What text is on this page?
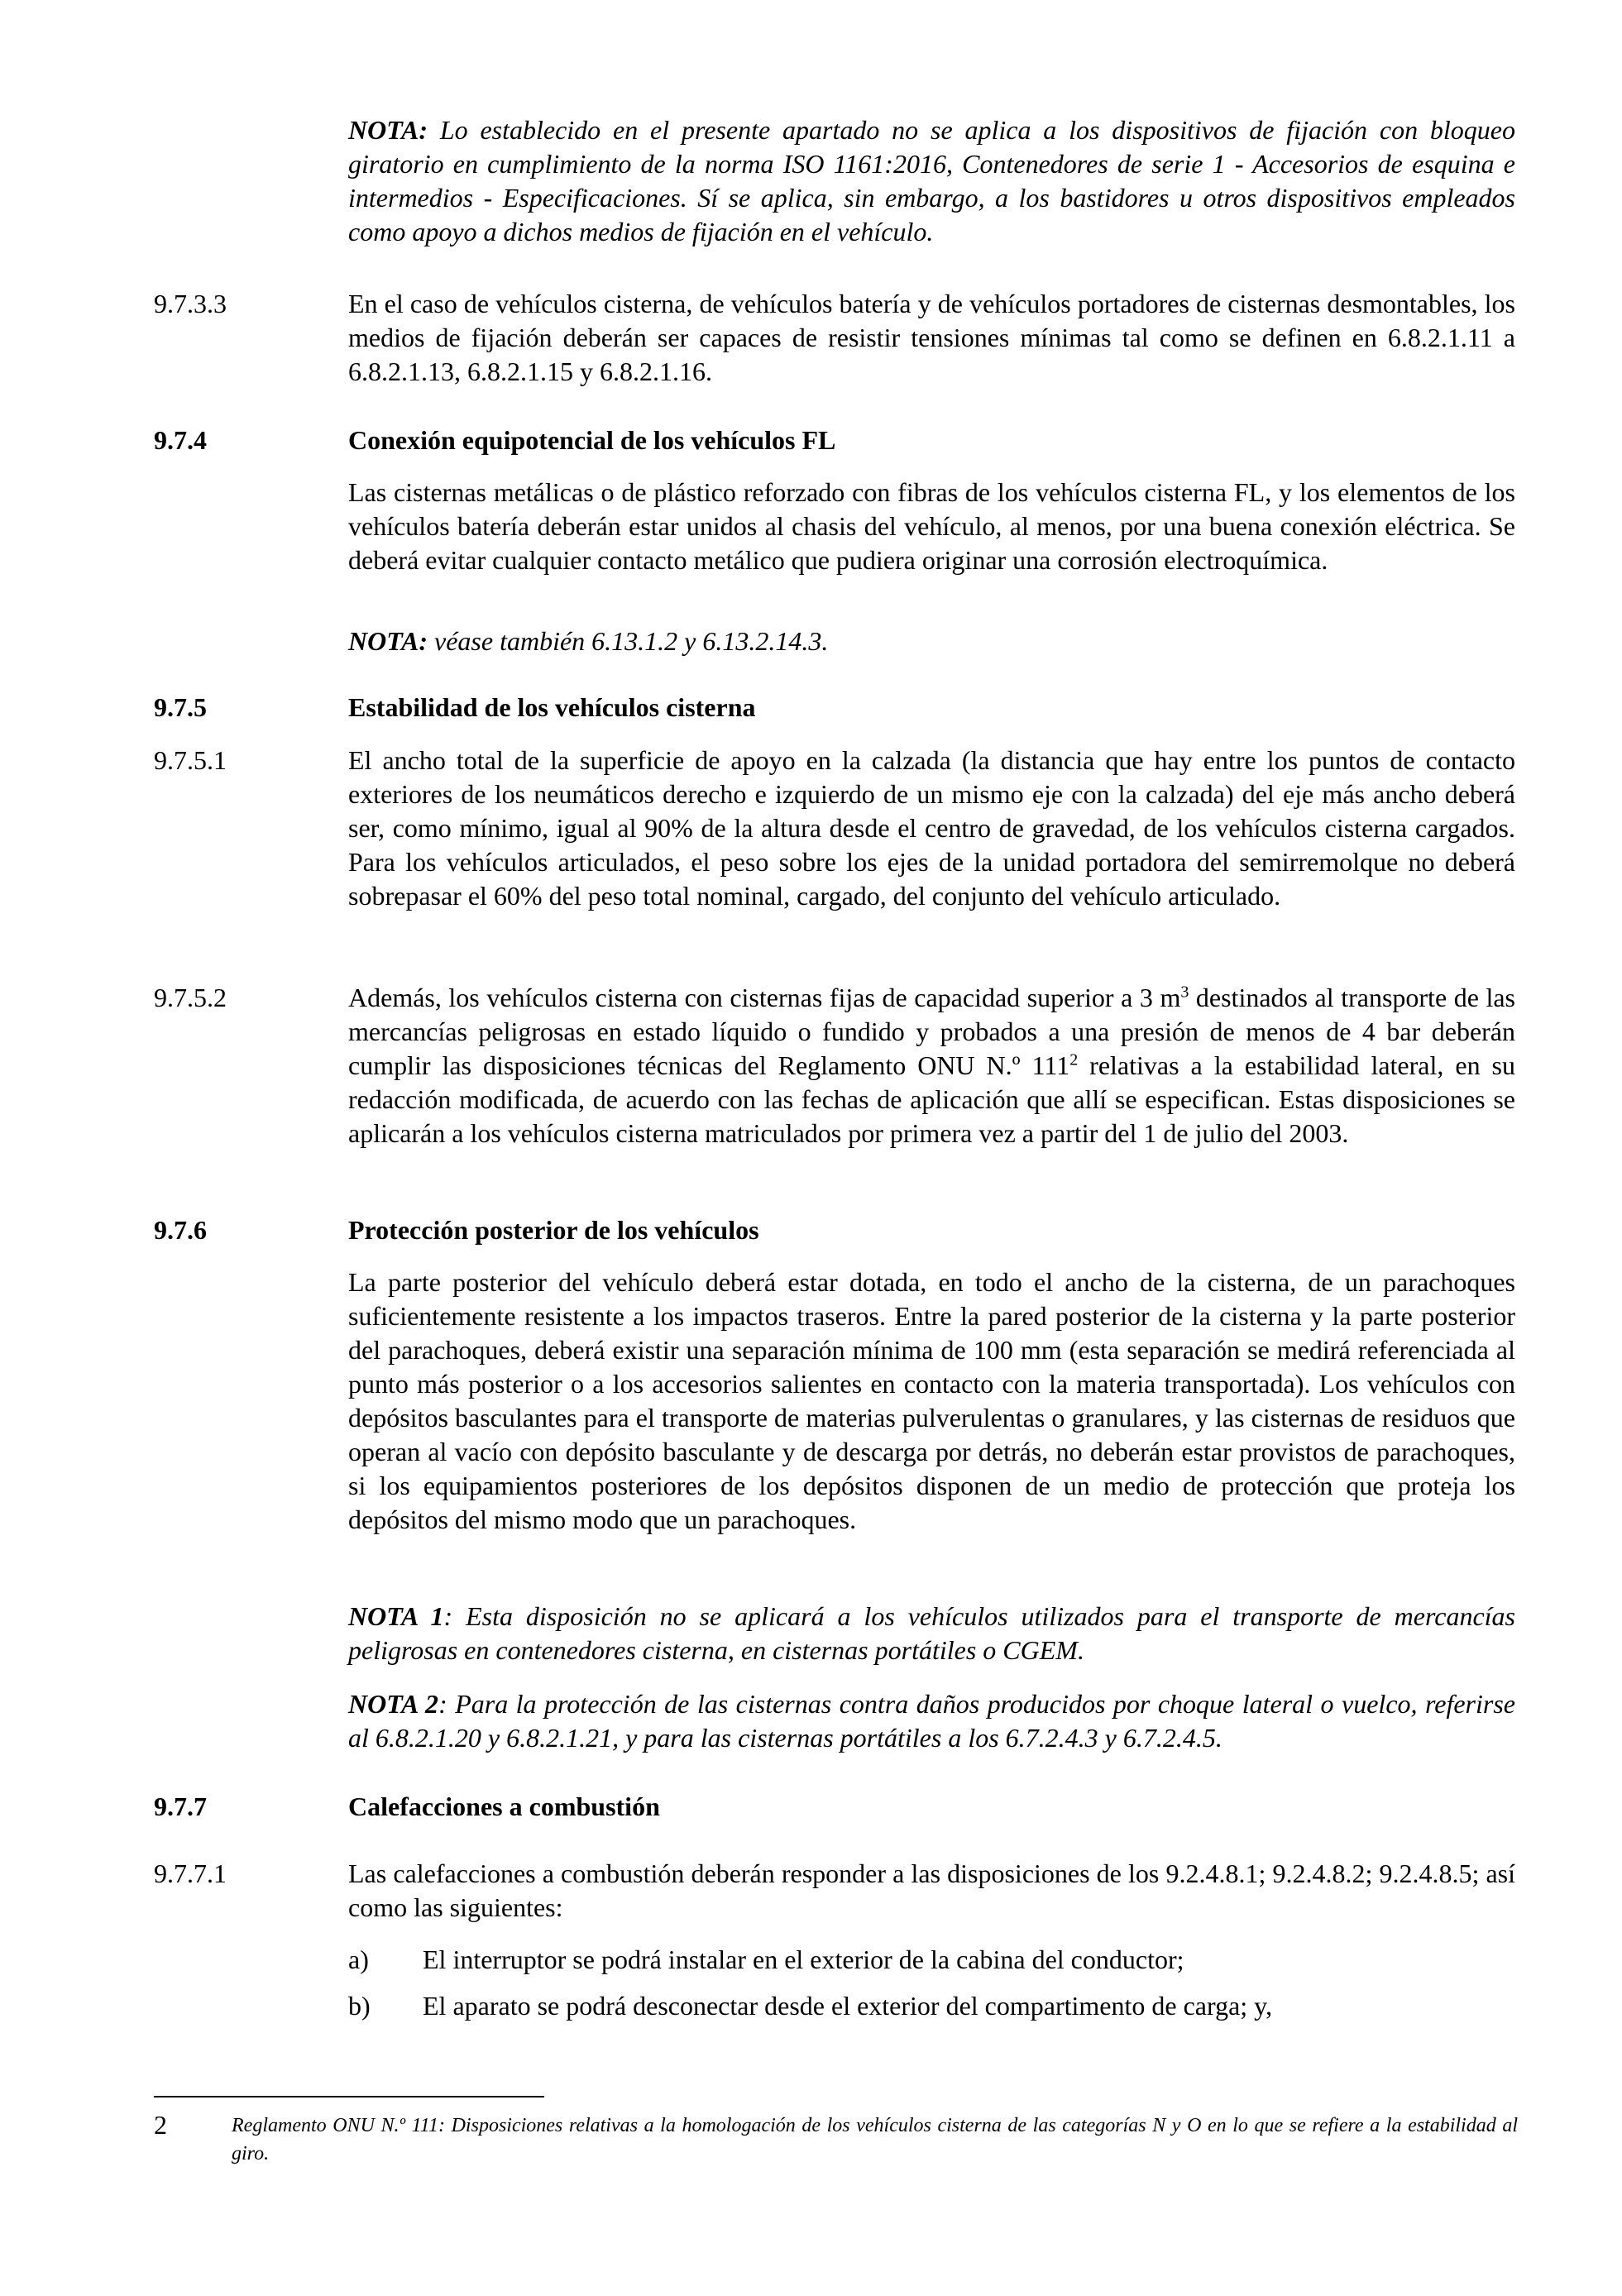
NOTA: Lo establecido en el presente apartado no se aplica a los dispositivos de fijación con bloqueo giratorio en cumplimiento de la norma ISO 1161:2016, Contenedores de serie 1 - Accesorios de esquina e intermedios - Especificaciones. Sí se aplica, sin embargo, a los bastidores u otros dispositivos empleados como apoyo a dichos medios de fijación en el vehículo.

9.7.3.3	En el caso de vehículos cisterna, de vehículos batería y de vehículos portadores de cisternas desmontables, los medios de fijación deberán ser capaces de resistir tensiones mínimas tal como se definen en 6.8.2.1.11 a 6.8.2.1.13, 6.8.2.1.15 y 6.8.2.1.16.

9.7.4	Conexión equipotencial de los vehículos FL

Las cisternas metálicas o de plástico reforzado con fibras de los vehículos cisterna FL, y los elementos de los vehículos batería deberán estar unidos al chasis del vehículo, al menos, por una buena conexión eléctrica. Se deberá evitar cualquier contacto metálico que pudiera originar una corrosión electroquímica.

NOTA: véase también 6.13.1.2 y 6.13.2.14.3.

9.7.5	Estabilidad de los vehículos cisterna
9.7.5.1	El ancho total de la superficie de apoyo en la calzada (la distancia que hay entre los puntos de contacto exteriores de los neumáticos derecho e izquierdo de un mismo eje con la calzada) del eje más ancho deberá ser, como mínimo, igual al 90% de la altura desde el centro de gravedad, de los vehículos cisterna cargados. Para los vehículos articulados, el peso sobre los ejes de la unidad portadora del semirremolque no deberá sobrepasar el 60% del peso total nominal, cargado, del conjunto del vehículo articulado.

9.7.5.2	Además, los vehículos cisterna con cisternas fijas de capacidad superior a 3 $m^3$ destinados al transporte de las mercancías peligrosas en estado líquido o fundido y probados a una presión de menos de 4 bar deberán cumplir las disposiciones técnicas del Reglamento ONU N.º $111^2$ relativas a la estabilidad lateral, en su redacción modificada, de acuerdo con las fechas de aplicación que allí se especifican. Estas disposiciones se aplicarán a los vehículos cisterna matriculados por primera vez a partir del 1 de julio del 2003.

9.7.6	Protección posterior de los vehículos

La parte posterior del vehículo deberá estar dotada, en todo el ancho de la cisterna, de un parachoques suficientemente resistente a los impactos traseros. Entre la pared posterior de la cisterna y la parte posterior del parachoques, deberá existir una separación mínima de 100 mm (esta separación se medirá referenciada al punto más posterior o a los accesorios salientes en contacto con la materia transportada). Los vehículos con depósitos basculantes para el transporte de materias pulverulentas o granulares, y las cisternas de residuos que operan al vacío con depósito basculante y de descarga por detrás, no deberán estar provistos de parachoques, si los equipamientos posteriores de los depósitos disponen de un medio de protección que proteja los depósitos del mismo modo que un parachoques.

NOTA 1: Esta disposición no se aplicará a los vehículos utilizados para el transporte de mercancías peligrosas en contenedores cisterna, en cisternas portátiles o CGEM.

NOTA 2: Para la protección de las cisternas contra daños producidos por choque lateral o vuelco, referirse al 6.8.2.1.20 y 6.8.2.1.21, y para las cisternas portátiles a los 6.7.2.4.3 y 6.7.2.4.5.

9.7.7	Calefacciones a combustión
9.7.7.1	Las calefacciones a combustión deberán responder a las disposiciones de los 9.2.4.8.1; 9.2.4.8.2; 9.2.4.8.5; así como las siguientes:

a) El interruptor se podrá instalar en el exterior de la cabina del conductor;
b) El aparato se podrá desconectar desde el exterior del compartimento de carga; y,
2	Reglamento ONU N.º 111: Disposiciones relativas a la homologación de los vehículos cisterna de las categorías N y O en lo que se refiere a la estabilidad al giro.
